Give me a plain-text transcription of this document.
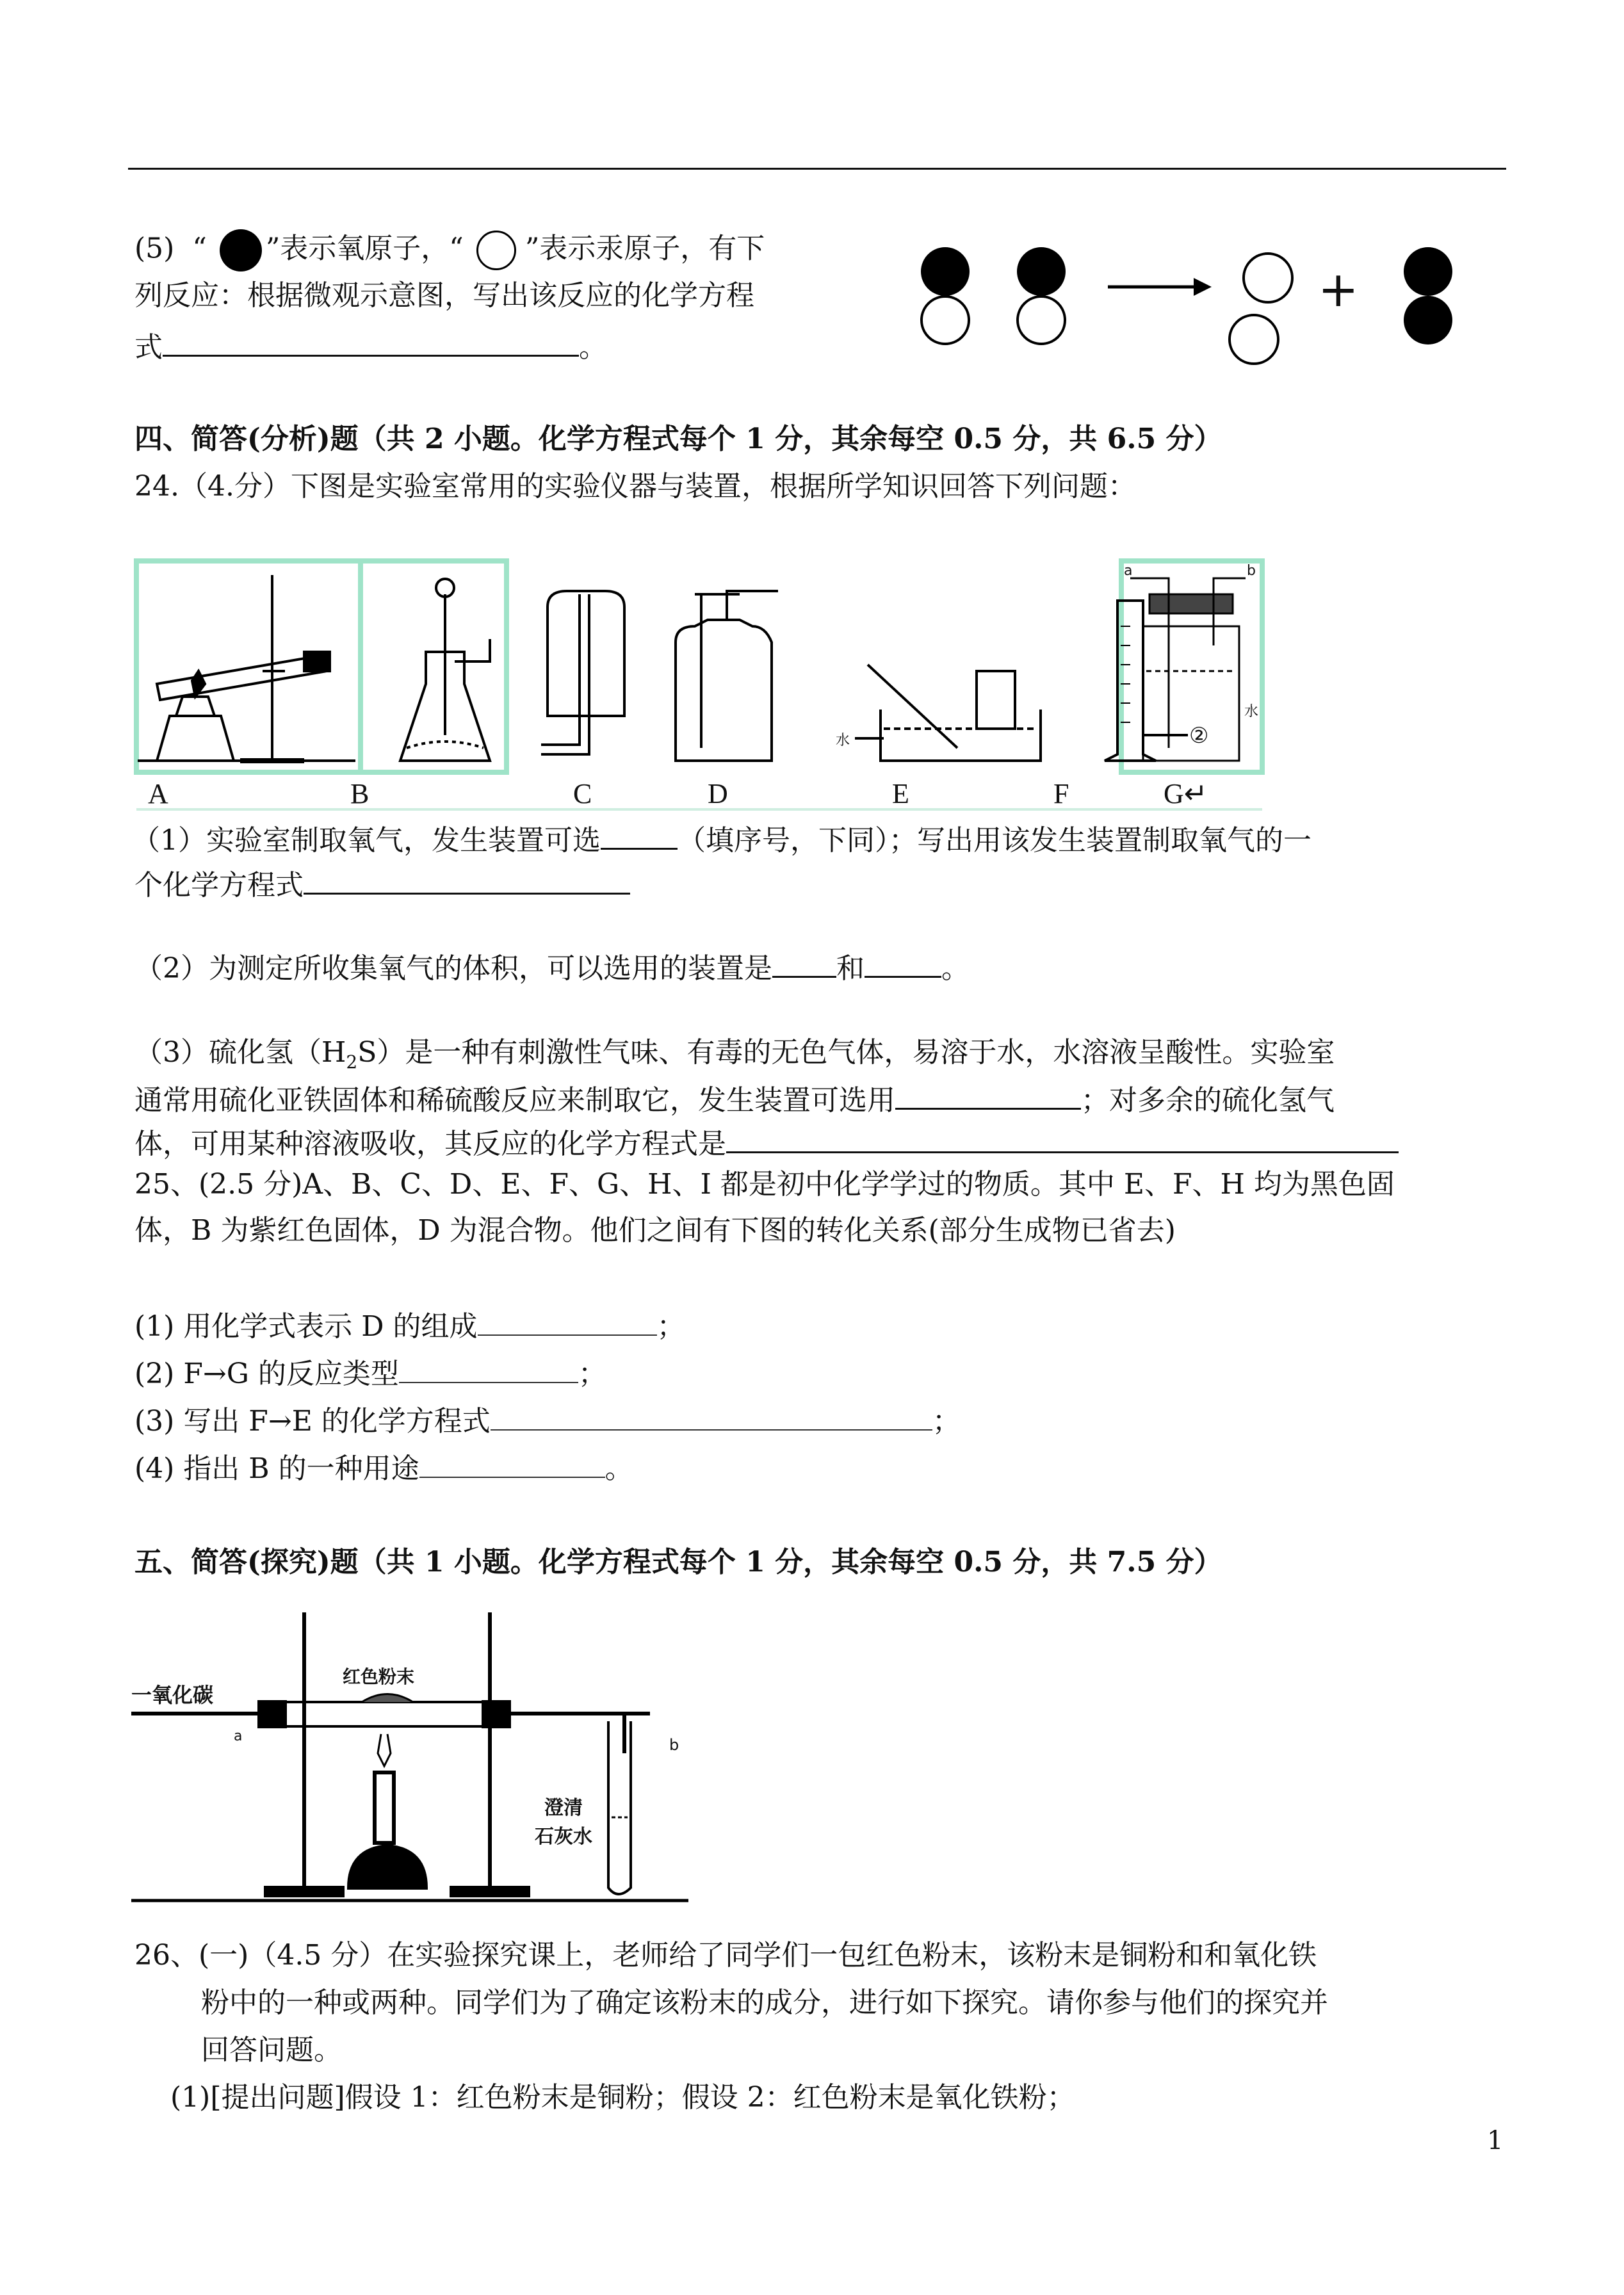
(5) “ ”表示氧原子，“ ”表示汞原子，有下
列反应：根据微观示意图，写出该反应的化学方程
式	。
+
四、简答(分析)题（共 2 小题。化学方程式每个 1 分，其余每空 0.5 分，共 6.5 分）
24.（4.分）下图是实验室常用的实验仪器与装置，根据所学知识回答下列问题：
A	B	C	D	E	F	G↵
水
水
②
a	b
（1）实验室制取氧气，发生装置可选	（填序号，下同）；写出用该发生装置制取氧气的一
个化学方程式
（2）为测定所收集氧气的体积，可以选用的装置是 和	。
（3）硫化氢$(H_2S)$是一种有刺激性气味、有毒的无色气体，易溶于水，水溶液呈酸性。实验室
通常用硫化亚铁固体和稀硫酸反应来制取它，发生装置可选用	；对多余的硫化氢气
体，可用某种溶液吸收，其反应的化学方程式是
25、(2.5 分)A、B、C、D、E、F、G、H、I 都是初中化学学过的物质。其中 E、F、H 均为黑色固
体，B 为紫红色固体，D 为混合物。他们之间有下图的转化关系(部分生成物已省去)
(1) 用化学式表示 D 的组成	；
(2) F→G 的反应类型	；
(3) 写出 F→E 的化学方程式	；
(4) 指出 B 的一种用途	。
五、简答(探究)题（共 1 小题。化学方程式每个 1 分，其余每空 0.5 分，共 7.5 分）
一氧化碳
红色粉末
澄清
石灰水
a	b
26、(一)（4.5 分）在实验探究课上，老师给了同学们一包红色粉末，该粉末是铜粉和和氧化铁
粉中的一种或两种。同学们为了确定该粉末的成分，进行如下探究。请你参与他们的探究并
回答问题。
(1)[提出问题]假设 1：红色粉末是铜粉；假设 2：红色粉末是氧化铁粉；
1
